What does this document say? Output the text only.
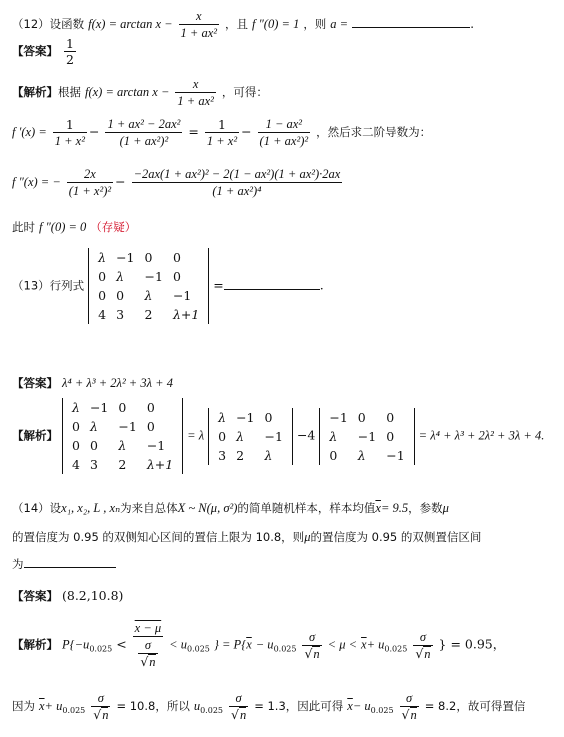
（12）设函数 $f(x) = \arctan x - \frac{x}{\text{1 + ax²}}$ ，且 f ″(0) = 1 ，则 a =	.
【答案】 $\frac{1}{2}$
【解析】根据 $f(x) = \arctan x - \frac{x}{\text{1 + ax²}}$ ，可得：
f $'(x) = \frac{1}{\text{1 + x²}} - \frac{\text{1 + ax² − 2ax²}}{\text{(1 + ax²)²}} = \frac{1}{\text{1 + x²}} - \frac{\text{1 − ax²}}{\text{(1 + ax²)²}}$ ，然后求二阶导数为：
f ″(x) = − $\frac{2x}{\text{(1 + x²)²}} - \frac{\text{−2ax(1 + ax²)² − 2(1 − ax²)(1 + ax²)·2ax}}{\text{(1 + ax²)⁴}}$
此时 f ″(0) = 0 （存疑）
（13）行列式
λ	−1	0	0
0	λ	−1	0
0	0	λ	−1
4	3	2	λ+1
=	.
【答案】 λ⁴ + λ³ + 2λ² + 3λ + 4
【解析】
λ	−1	0	0
0	λ	−1	0
0	0	λ	−1
4	3	2	λ+1
= λ
λ	−1	0
0	λ	−1
3	2	λ
−4
−1	0	0
λ	−1	0
0	λ	−1
= λ⁴ + λ³ + 2λ² + 3λ + 4.
（14）设x₁, x₂, L , xₙ为来自总体X ~ N(μ, σ²)的简单随机样本，样本均值$\overline{x}= 9.5$，参数μ
的置信度为 0.95 的双侧知心区间的置信上限为 10.8，则μ的置信度为 0.95 的双侧置信区间
为
【答案】 (8.2,10.8)
【解析】 $P\{-u_{0.025} < \frac{x - \mu}{\frac{\sigma}{√n}} < u_{0.025}$ } = $P\{\overline{x} - u_{0.025} \frac{\sigma}{√n} < \mu < \overline{x}+ u_{0.025} \frac{\sigma}{√n}$ } = 0.95，
因为 $\overline{x}+ u_{0.025} \frac{\sigma}{√n} = 10.8$，所以 $u_{0.025} \frac{\sigma}{√n} = 1.3$，因此可得 $\overline{x}- u_{0.025} \frac{\sigma}{√n} = 8.2$，故可得置信
